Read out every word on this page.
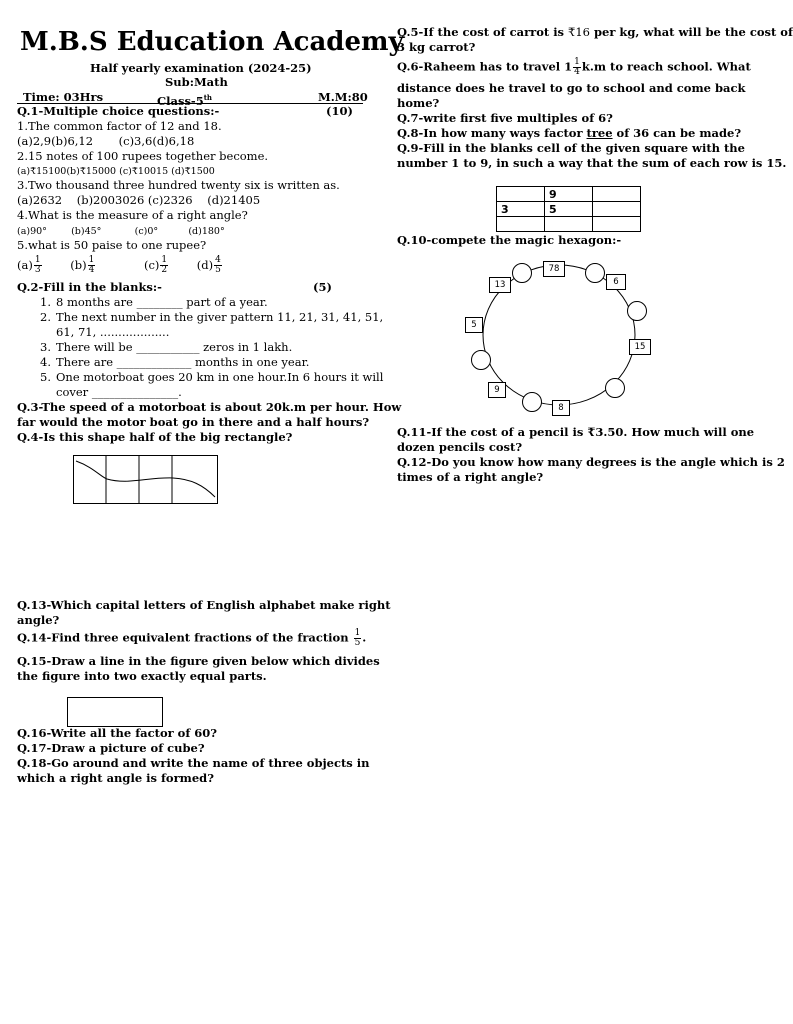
M.B.S Education Academy
Half yearly examination (2024-25)
Sub:Math
Time: 03Hrs	Class-5th	M.M:80
Q.1-Multiple choice questions:-	(10)
1.The common factor of 12 and 18.
(a)2,9(b)6,12       (c)3,6(d)6,18
2.15 notes of 100 rupees together become.
(a)₹15100(b)₹15000 (c)₹10015 (d)₹1500
3.Two thousand three hundred twenty six is written as.
(a)2632    (b)2003026 (c)2326    (d)21405
4.What is the measure of a right angle?
(a)90°        (b)45°           (c)0°          (d)180°
5.what is 50 paise to one rupee?
$(a) \frac{1}{3} (b) \frac{1}{4}$	$(c) \frac{1}{2} (d) \frac{4}{5}$
Q.2-Fill in the blanks:-	(5)
1. 8 months are ________ part of a year.
2. The next number in the giver pattern 11, 21, 31, 41, 51,
61, 71, ...................
3. There will be ___________ zeros in 1 lakh.
4. There are _____________ months in one year.
5. One motorboat goes 20 km in one hour.In 6 hours it will
cover _______________.
Q.3-The speed of a motorboat is about 20k.m per hour. How
far would the motor boat go in there and a half hours?
Q.4-Is this shape half of the big rectangle?
Q.13-Which capital letters of English alphabet make right
angle?
Q.14-Find three equivalent fractions of the fraction $\frac{1}{5}$ .
Q.15-Draw a line in the figure given below which divides
the figure into two exactly equal parts.
Q.16-Write all the factor of 60?
Q.17-Draw a picture of cube?
Q.18-Go around and write the name of three objects in
which a right angle is formed?
Q.5-If the cost of carrot is ₹16 per kg, what will be the cost of
3 kg carrot?
Q.6-Raheem has to travel $1 \frac{1}{4} k.m$ to reach school. What
distance does he travel to go to school and come back
home?
Q.7-write first five multiples of 6?
Q.8-In how many ways factor tree of 36 can be made?
Q.9-Fill in the blanks cell of the given square with the
number 1 to 9, in such a way that the sum of each row is 15.
	9	
3	5	

Q.10-compete the magic hexagon:-
78
13	6
5
15
9
8
Q.11-If the cost of a pencil is ₹3.50. How much will one
dozen pencils cost?
Q.12-Do you know how many degrees is the angle which is 2
times of a right angle?
